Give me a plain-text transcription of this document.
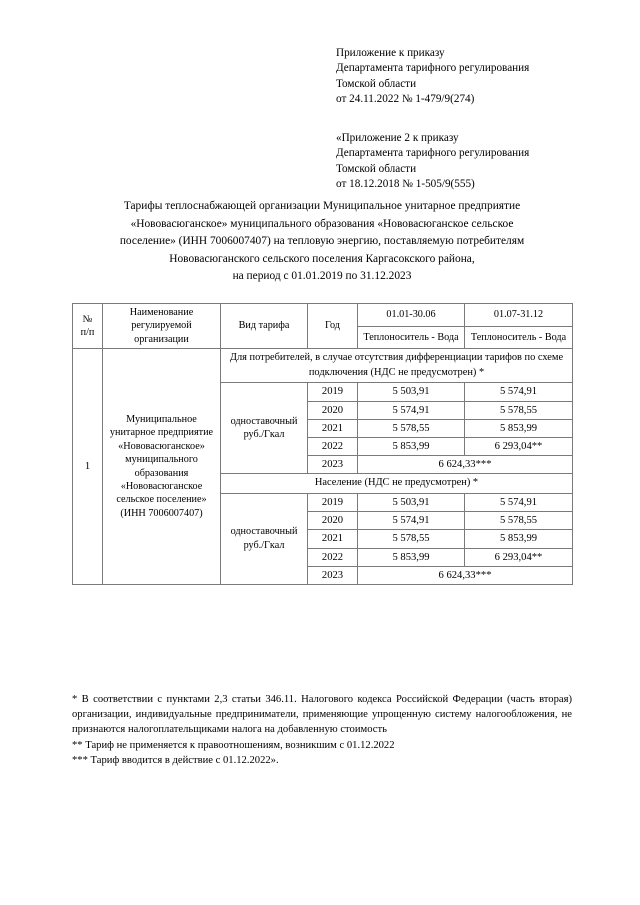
Приложение к приказу
Департамента тарифного регулирования
Томской области
от 24.11.2022 № 1-479/9(274)
«Приложение 2 к приказу
Департамента тарифного регулирования
Томской области
от 18.12.2018 № 1-505/9(555)
Тарифы теплоснабжающей организации Муниципальное унитарное предприятие
«Нововасюганское» муниципального образования «Нововасюганское сельское
поселение» (ИНН 7006007407) на тепловую энергию, поставляемую потребителям
Нововасюганского сельского поселения Каргасокского района,
на период с 01.01.2019 по 31.12.2023
№
п/п	Наименование регулируемой организации	Вид тарифа	Год	01.01-30.06	01.07-31.12
				Теплоноситель - Вода	Теплоноситель - Вода
1	Муниципальное унитарное предприятие «Нововасюганское» муниципального образования «Нововасюганское сельское поселение» (ИНН 7006007407)	Для потребителей, в случае отсутствия дифференциации тарифов по схеме подключения (НДС не предусмотрен) *			
		одноставочный руб./Гкал	2019	5 503,91	5 574,91
			2020	5 574,91	5 578,55
			2021	5 578,55	5 853,99
			2022	5 853,99	6 293,04**
			2023	6 624,33***	
		Население (НДС не предусмотрен) *			
		одноставочный руб./Гкал	2019	5 503,91	5 574,91
			2020	5 574,91	5 578,55
			2021	5 578,55	5 853,99
			2022	5 853,99	6 293,04**
			2023	6 624,33***	

* В соответствии с пунктами 2,3 статьи 346.11. Налогового кодекса Российской Федерации (часть вторая) организации, индивидуальные предприниматели, применяющие упрощенную систему налогообложения, не признаются налогоплательщиками налога на добавленную стоимость

** Тариф не применяется к правоотношениям, возникшим с 01.12.2022

*** Тариф вводится в действие с 01.12.2022».
